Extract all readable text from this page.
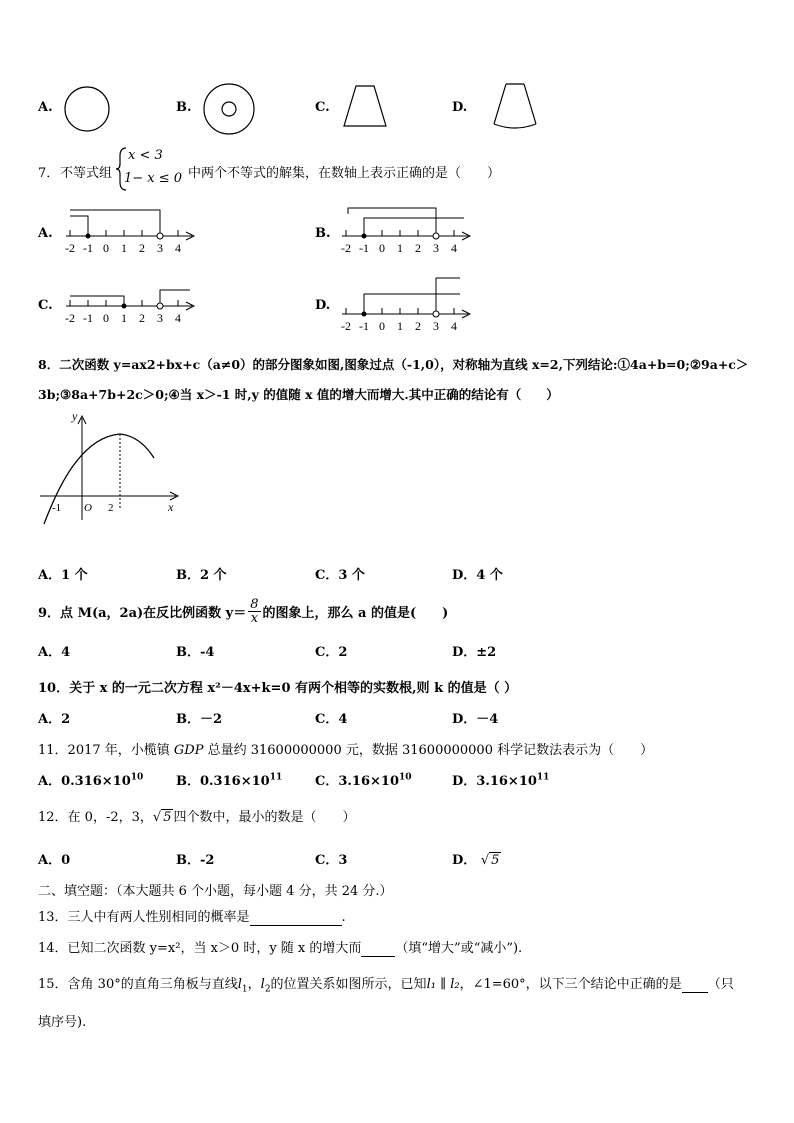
A.	B.	C.	D.
7． 不等式组
x < 3
1− x ≤ 0 中两个不等式的解集，在数轴上表示正确的是（　　）
A.
-2 -1 0 1 2 3 4
B.
-2 -1 0 1 2 3 4
C.
-2 -1 0 1 2 3 4
D.
-2 -1 0 1 2 3 4
8．二次函数 y=ax2+bx+c（a≠0）的部分图象如图,图象过点（-1,0），对称轴为直线 x=2,下列结论:①4a+b=0;②9a+c＞
3b;③8a+7b+2c＞0;④当 x＞-1 时,y 的值随 x 值的增大而增大.其中正确的结论有（　　）
y
x
-1 O 2
A．1 个	B．2 个	C．3 个	D．4 个
9．点 M(a，2a)在反比例函数 $y= \frac{8}{x}$ 的图象上，那么 a 的值是(　　)
A．4	B．-4	C．2	D．±2
10．关于 x 的一元二次方程 x²－4x+k=0 有两个相等的实数根,则 k 的值是（ ）
A．2	B．－2	C．4	D．－4
11．2017 年，小榄镇 GDP 总量约 31600000000 元，数据 31600000000 科学记数法表示为（　　）
A．$0.316\times 10^{10}$	B．$0.316\times 10^{11}$	C．$3.16\times 10^{10}$	D．$3.16\times 10^{11}$
12．在 0，-2，3，√ 5 四个数中，最小的数是（　　）
A．0	B．-2	C．3	D． √ 5
二、填空题：（本大题共 6 个小题，每小题 4 分，共 24 分.）
13．三人中有两人性别相同的概率是	.
14．已知二次函数 y=x²，当 x＞0 时，y 随 x 的增大而	（填“增大”或“减小”).
15．含角 30°的直角三角板与直线$l_1$，$l_2$的位置关系如图所示，已知l₁ ∥ l₂，∠1=60°，以下三个结论中正确的是 （只
填序号).
